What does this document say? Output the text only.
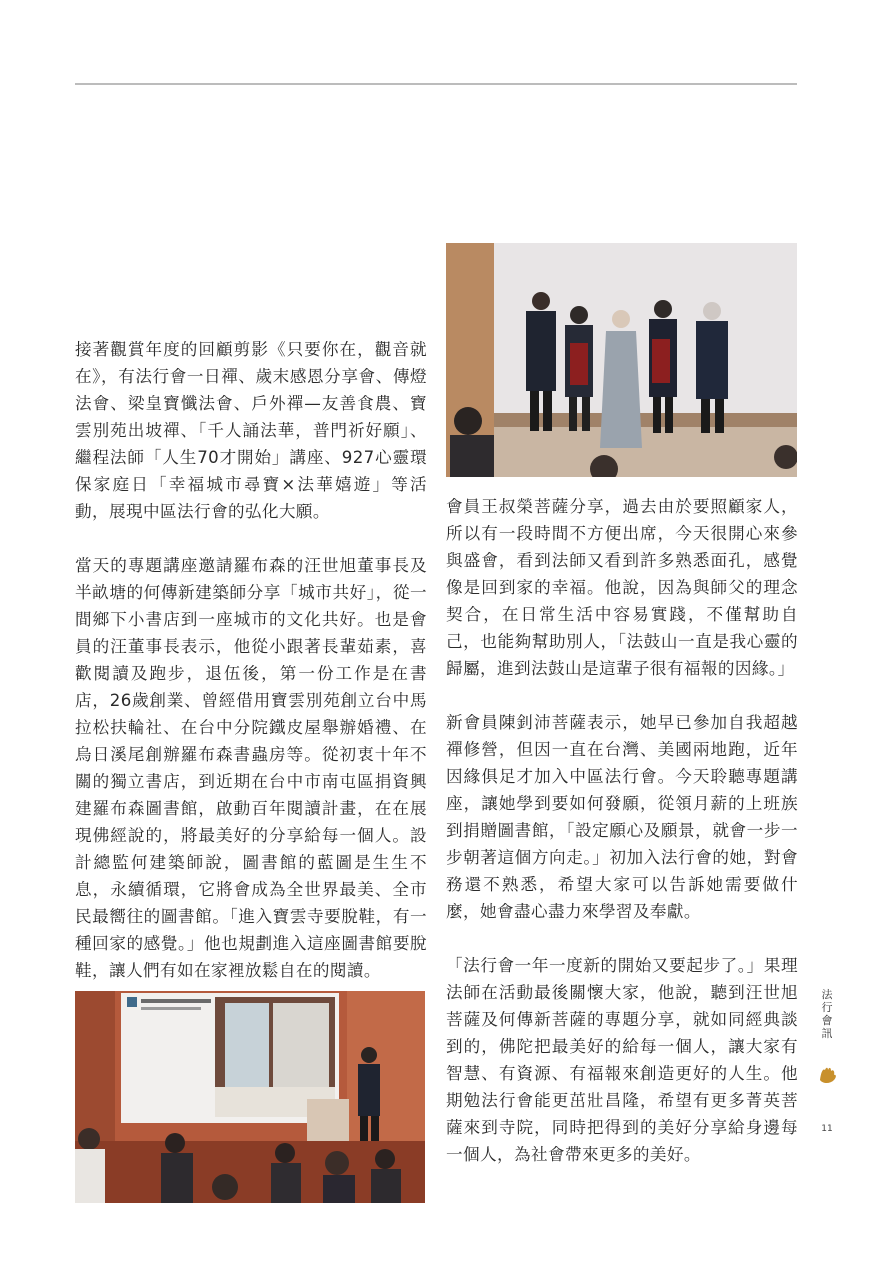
接著觀賞年度的回顧剪影《只要你在，觀音就在》，有法行會一日禪、歲末感恩分享會、傳燈法會、梁皇寶懺法會、戶外禪—友善食農、寶雲別苑出坡禪、「千人誦法華，普門祈好願」、繼程法師「人生70才開始」講座、927心靈環保家庭日「幸福城市尋寶×法華嬉遊」等活動，展現中區法行會的弘化大願。

當天的專題講座邀請羅布森的汪世旭董事長及半畝塘的何傳新建築師分享「城市共好」，從一間鄉下小書店到一座城市的文化共好。也是會員的汪董事長表示，他從小跟著長輩茹素，喜歡閱讀及跑步，退伍後，第一份工作是在書店，26歲創業、曾經借用寶雲別苑創立台中馬拉松扶輪社、在台中分院鐵皮屋舉辦婚禮、在烏日溪尾創辦羅布森書蟲房等。從初衷十年不關的獨立書店，到近期在台中市南屯區捐資興建羅布森圖書館，啟動百年閱讀計畫，在在展現佛經說的，將最美好的分享給每一個人。設計總監何建築師說，圖書館的藍圖是生生不息，永續循環，它將會成為全世界最美、全市民最嚮往的圖書館。「進入寶雲寺要脫鞋，有一種回家的感覺。」他也規劃進入這座圖書館要脫鞋，讓人們有如在家裡放鬆自在的閱讀。

會員王叔榮菩薩分享，過去由於要照顧家人，所以有一段時間不方便出席，今天很開心來參與盛會，看到法師又看到許多熟悉面孔，感覺像是回到家的幸福。他說，因為與師父的理念契合，在日常生活中容易實踐，不僅幫助自己，也能夠幫助別人，「法鼓山一直是我心靈的歸屬，進到法鼓山是這輩子很有福報的因緣。」

新會員陳釗沛菩薩表示，她早已參加自我超越禪修營，但因一直在台灣、美國兩地跑，近年因緣俱足才加入中區法行會。今天聆聽專題講座，讓她學到要如何發願，從領月薪的上班族到捐贈圖書館，「設定願心及願景，就會一步一步朝著這個方向走。」初加入法行會的她，對會務還不熟悉，希望大家可以告訴她需要做什麼，她會盡心盡力來學習及奉獻。

「法行會一年一度新的開始又要起步了。」果理法師在活動最後關懷大家，他說，聽到汪世旭菩薩及何傳新菩薩的專題分享，就如同經典談到的，佛陀把最美好的給每一個人，讓大家有智慧、有資源、有福報來創造更好的人生。他期勉法行會能更茁壯昌隆，希望有更多菁英菩薩來到寺院，同時把得到的美好分享給身邊每一個人，為社會帶來更多的美好。

法
行
會
訊
11
